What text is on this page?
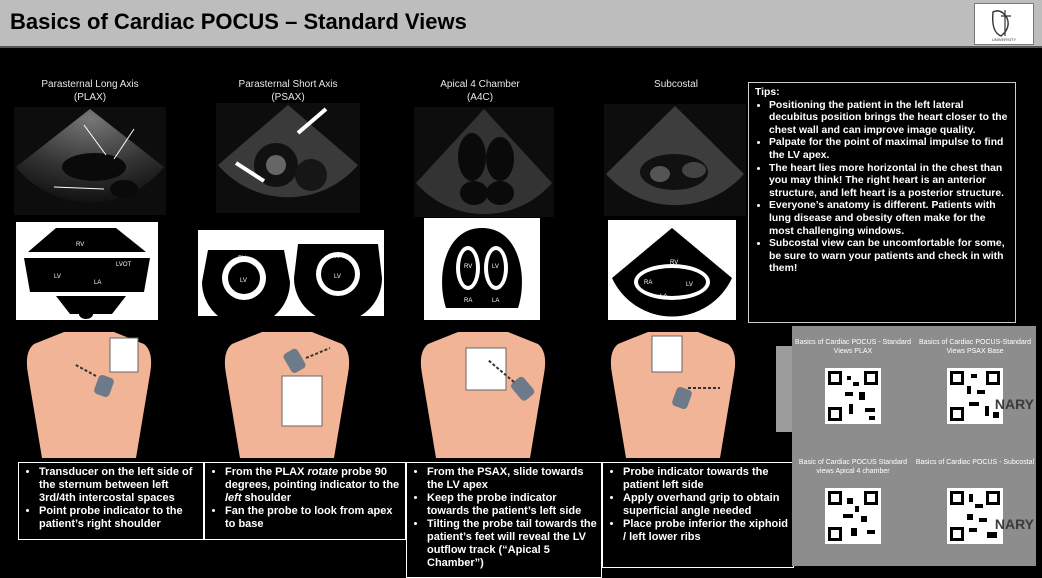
Basics of Cardiac POCUS – Standard Views
UNIVERSITY
Parasternal Long Axis
(PLAX)
Parasternal Short Axis
(PSAX)
Apical 4 Chamber
(A4C)
Subcostal
RV
LVOT
LV
LA
RV
LV
RV
LV
RV	LV
RA	LA
RV
LV
RA
LA
• Transducer on the left side of the sternum between left 3rd/4th intercostal spaces
• Point probe indicator to the patient’s right shoulder
• From the PLAX rotate probe 90 degrees, pointing indicator to the left shoulder
• Fan the probe to look from apex to base
• From the PSAX, slide towards the LV apex
• Keep the probe indicator towards the patient’s left side
• Tilting the probe tail towards the patient’s feet will reveal the LV outflow track (“Apical 5 Chamber”)
• Probe indicator towards the patient left side
• Apply overhand grip to obtain superficial angle needed
• Place probe inferior the xiphoid / left lower ribs
Tips:
• Positioning the patient in the left lateral decubitus position brings the heart closer to the chest wall and can improve image quality.
• Palpate for the point of maximal impulse to find the LV apex.
• The heart lies more horizontal in the chest than you may think! The right heart is an anterior structure, and left heart is a posterior structure.
• Everyone’s anatomy is different. Patients with lung disease and obesity often make for the most challenging windows.
• Subcostal view can be uncomfortable for some, be sure to warn your patients and check in with them!
Basics of Cardiac POCUS - Standard Views PLAX
Basics of Cardiac POCUS-Standard Views PSAX Base
NARY
Basic of Cardiac POCUS Standard views Apical 4 chamber
Basics of Cardiac POCUS - Subcostal
NARY
